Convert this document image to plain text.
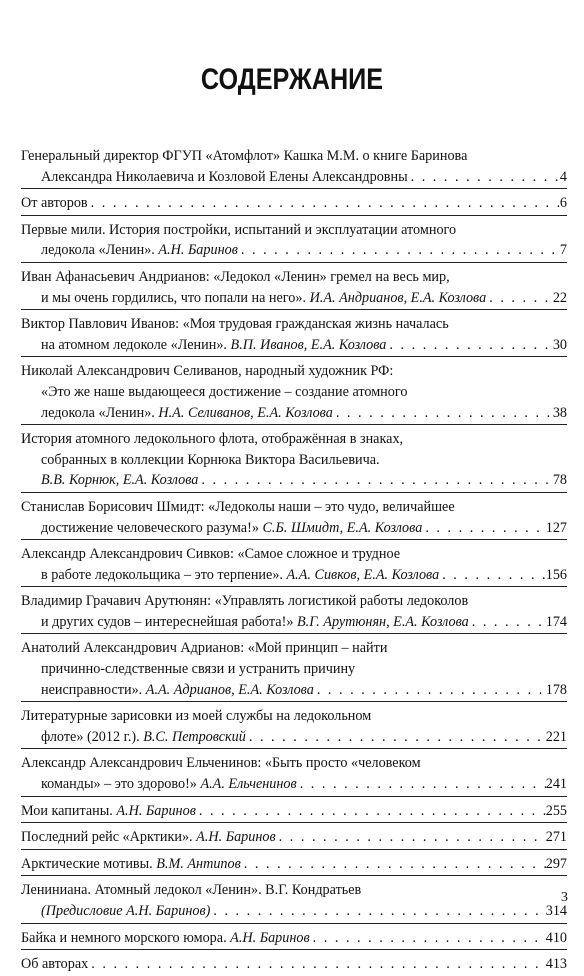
СОДЕРЖАНИЕ
Генеральный директор ФГУП «Атомфлот» Кашка М.М. о книге Баринова
Александра Николаевича и Козловой Елены Александровны . . .	4
От авторов . . .	6
Первые мили. История постройки, испытаний и эксплуатации атомного
ледокола «Ленин». А.Н. Баринов . . .	7
Иван Афанасьевич Андрианов: «Ледокол «Ленин» гремел на весь мир,
и мы очень гордились, что попали на него». И.А. Андрианов, Е.А. Козлова . . .	22
Виктор Павлович Иванов: «Моя трудовая гражданская жизнь началась
на атомном ледоколе «Ленин». В.П. Иванов, Е.А. Козлова . . .	30
Николай Александрович Селиванов, народный художник РФ:
«Это же наше выдающееся достижение – создание атомного
ледокола «Ленин». Н.А. Селиванов, Е.А. Козлова . . .	38
История атомного ледокольного флота, отображённая в знаках,
собранных в коллекции Корнюка Виктора Васильевича.
В.В. Корнюк, Е.А. Козлова . . .	78
Станислав Борисович Шмидт: «Ледоколы наши – это чудо, величайшее
достижение человеческого разума!» С.Б. Шмидт, Е.А. Козлова . . .	127
Александр Александрович Сивков: «Самое сложное и трудное
в работе ледокольщика – это терпение». А.А. Сивков, Е.А. Козлова . . .	156
Владимир Грачавич Арутюнян: «Управлять логистикой работы ледоколов
и других судов – интереснейшая работа!» В.Г. Арутюнян, Е.А. Козлова . . .	174
Анатолий Александрович Адрианов: «Мой принцип – найти
причинно-следственные связи и устранить причину
неисправности». А.А. Адрианов, Е.А. Козлова . . .	178
Литературные зарисовки из моей службы на ледокольном
флоте» (2012 г.). В.С. Петровский . . .	221
Александр Александрович Ельченинов: «Быть просто «человеком
команды» – это здорово!» А.А. Ельченинов . . .	241
Мои капитаны. А.Н. Баринов . . .	255
Последний рейс «Арктики». А.Н. Баринов . . .	271
Арктические мотивы. В.М. Антипов . . .	297
Лениниана. Атомный ледокол «Ленин». В.Г. Кондратьев
(Предисловие А.Н. Баринов) . . .	314
Байка и немного морского юмора. А.Н. Баринов . . .	410
Об авторах . . .	413
3
